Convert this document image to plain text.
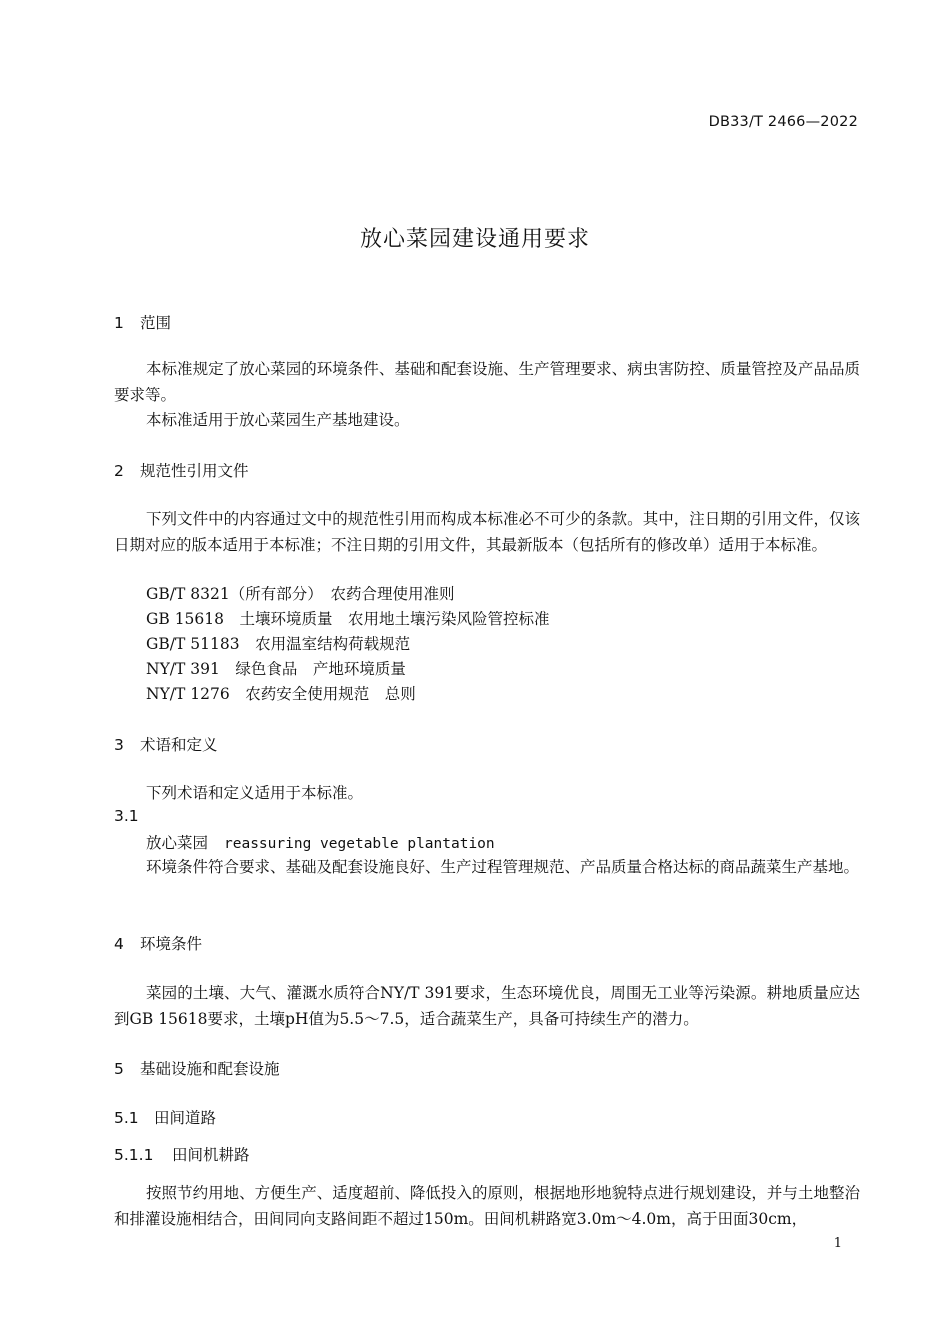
DB33/T 2466—2022
放心菜园建设通用要求
1 范围
本标准规定了放心菜园的环境条件、基础和配套设施、生产管理要求、病虫害防控、质量管控及产品品质要求等。
本标准适用于放心菜园生产基地建设。
2 规范性引用文件
下列文件中的内容通过文中的规范性引用而构成本标准必不可少的条款。其中，注日期的引用文件，仅该日期对应的版本适用于本标准；不注日期的引用文件，其最新版本（包括所有的修改单）适用于本标准。
GB/T 8321（所有部分）　农药合理使用准则
GB 15618　土壤环境质量　农用地土壤污染风险管控标准
GB/T 51183　农用温室结构荷载规范
NY/T 391　绿色食品　产地环境质量
NY/T 1276　农药安全使用规范　总则
3 术语和定义
下列术语和定义适用于本标准。
3.1
放心菜园 reassuring vegetable plantation
环境条件符合要求、基础及配套设施良好、生产过程管理规范、产品质量合格达标的商品蔬菜生产基地。
4 环境条件
菜园的土壤、大气、灌溉水质符合NY/T 391要求，生态环境优良，周围无工业等污染源。耕地质量应达到GB 15618要求，土壤pH值为5.5～7.5，适合蔬菜生产，具备可持续生产的潜力。
5 基础设施和配套设施
5.1 田间道路
5.1.1 田间机耕路
按照节约用地、方便生产、适度超前、降低投入的原则，根据地形地貌特点进行规划建设，并与土地整治和排灌设施相结合，田间同向支路间距不超过150m。田间机耕路宽3.0m～4.0m，高于田面30cm，
1
